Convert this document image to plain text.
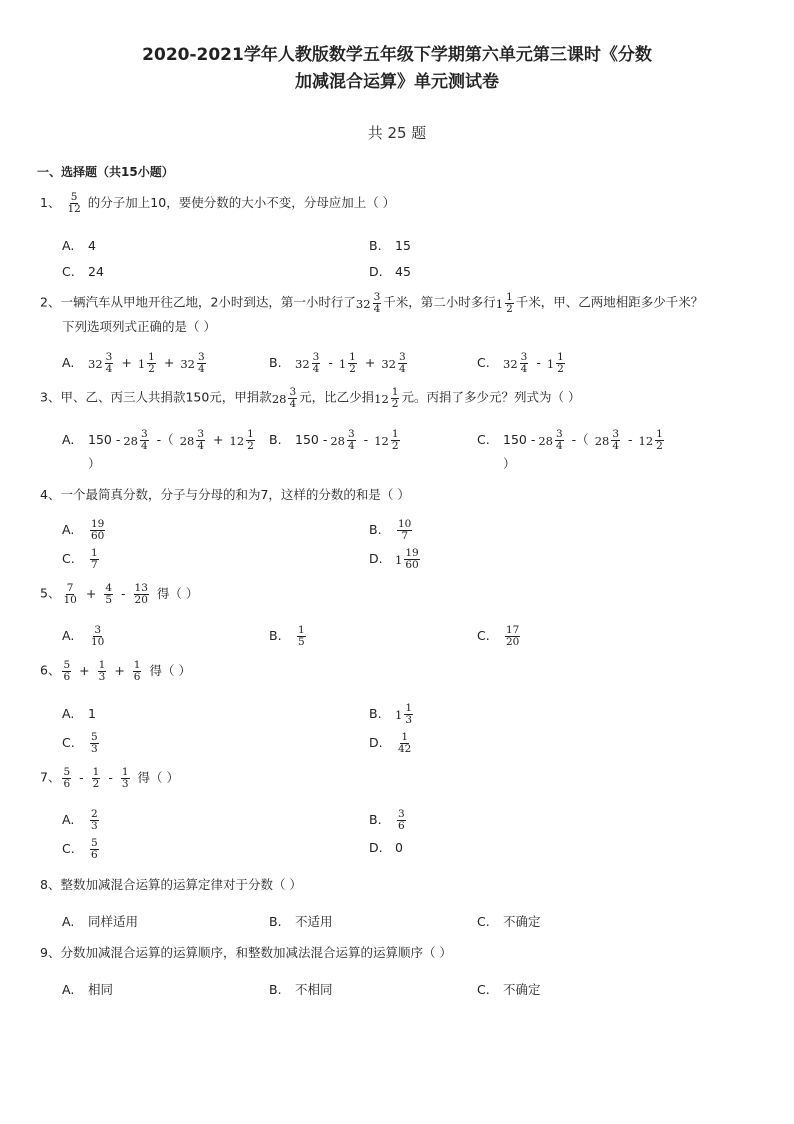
2020-2021学年人教版数学五年级下学期第六单元第三课时《分数
加减混合运算》单元测试卷
共 25 题
一、选择题（共15小题）
1、 $\frac{5}{12}$ 的分子加上10，要使分数的大小不变，分母应加上（ ）
A. 4	B. 15
C. 24	D. 45
2、一辆汽车从甲地开往乙地，2小时到达，第一小时行了$32 \frac{3}{4}$ 千米，第二小时多行$1 \frac{1}{2}$ 千米，甲、乙两地相距多少千米？
下列选项列式正确的是（ ）
A. $32 \frac{3}{4} + 1 \frac{1}{2} + 32 \frac{3}{4}$	B. $32 \frac{3}{4} - 1 \frac{1}{2} + 32 \frac{3}{4}$	C. $32 \frac{3}{4} - 1 \frac{1}{2}$
3、甲、乙、丙三人共捐款150元，甲捐款$28 \frac{3}{4}$ 元，比乙少捐$12 \frac{1}{2}$ 元。丙捐了多少元？列式为（ ）
A. $150 - 28 \frac{3}{4}$ -（ $28 \frac{3}{4} + 12 \frac{1}{2}$
）
B. $150 - 28 \frac{3}{4} - 12 \frac{1}{2}$	C. $150 - 28 \frac{3}{4}$ -（ $28 \frac{3}{4} - 12 \frac{1}{2}$
）
4、一个最简真分数，分子与分母的和为7，这样的分数的和是（ ）
A. $\frac{19}{60}$	B. $\frac{10}{7}$
C. $\frac{1}{7}$	D. $1 \frac{19}{60}$
5、 $\frac{7}{10} + \frac{4}{5} - \frac{13}{20}$ 得（ ）
A. $\frac{3}{10}$	B. $\frac{1}{5}$	C. $\frac{17}{20}$
6、 $\frac{5}{6} + \frac{1}{3} + \frac{1}{6}$ 得（ ）
A. 1	B. $1 \frac{1}{3}$
C. $\frac{5}{3}$	D. $\frac{1}{42}$
7、 $\frac{5}{6} - \frac{1}{2} - \frac{1}{3}$ 得（ ）
A. $\frac{2}{3}$	B. $\frac{3}{6}$
C. $\frac{5}{6}$	D. 0
8、整数加减混合运算的运算定律对于分数（ ）
A. 同样适用	B. 不适用	C. 不确定
9、分数加减混合运算的运算顺序，和整数加减法混合运算的运算顺序（ ）
A. 相同	B. 不相同	C. 不确定
